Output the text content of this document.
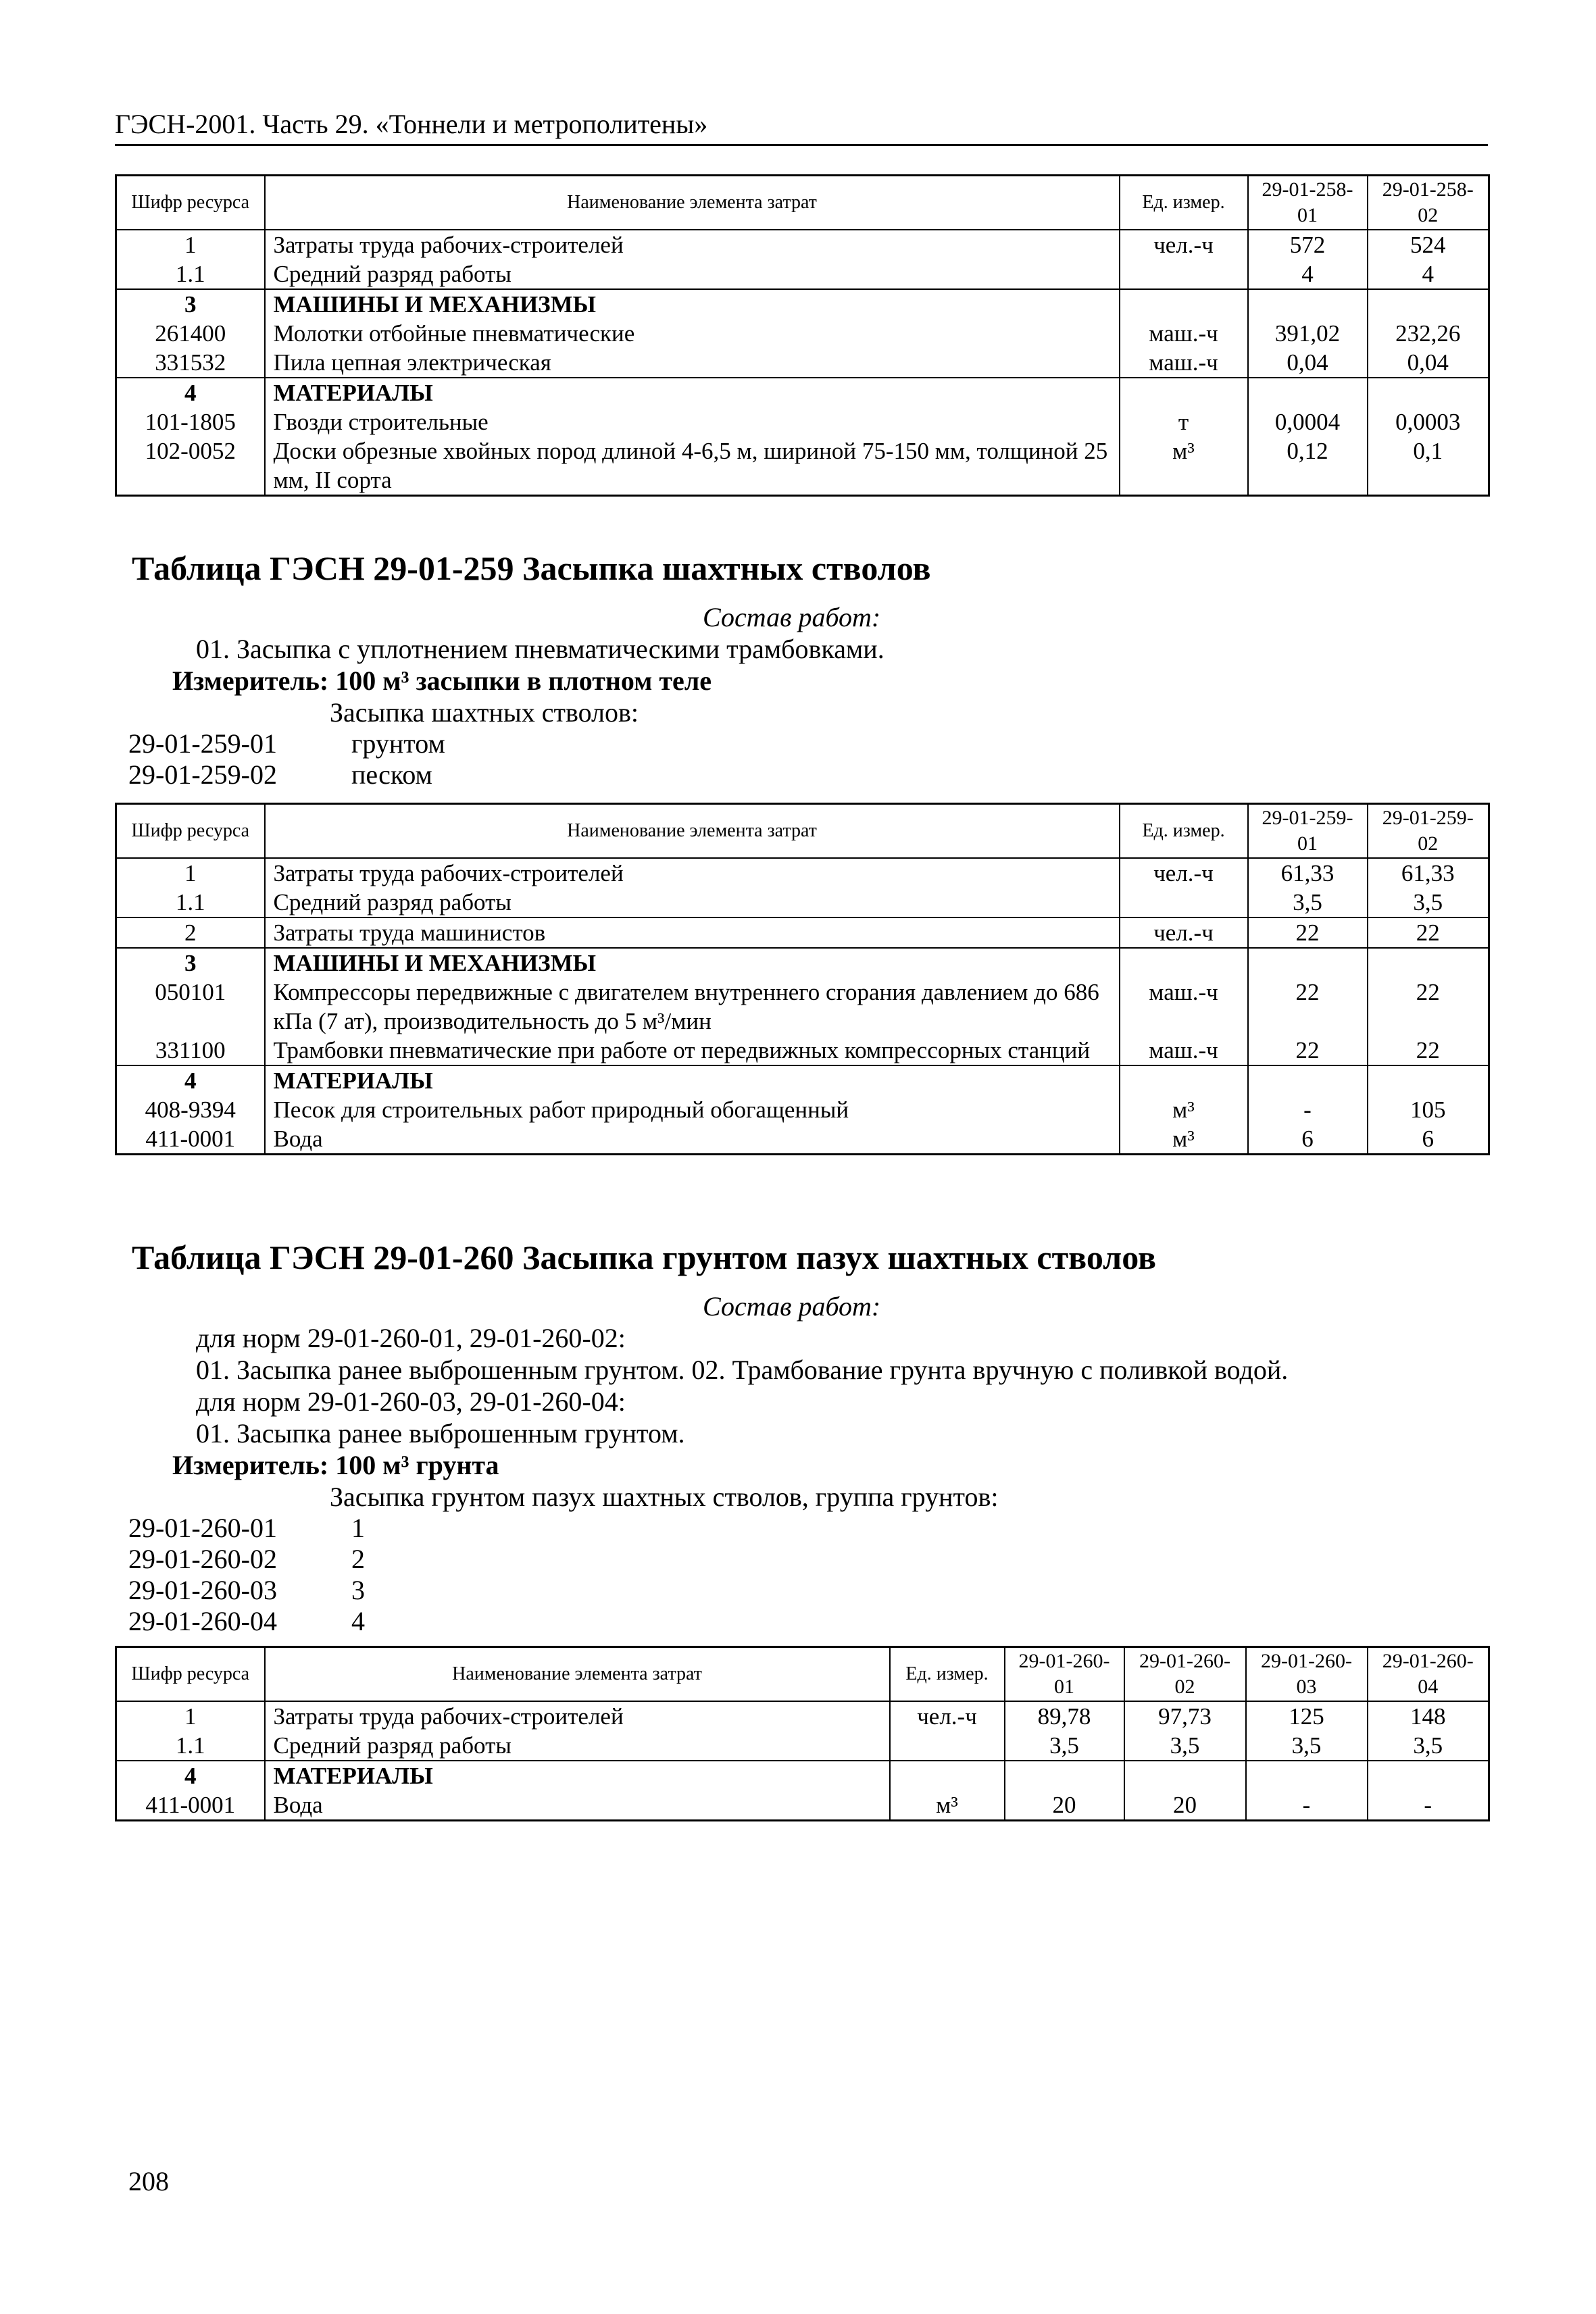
ГЭСН-2001. Часть 29. «Тоннели и метрополитены»
Шифр ресурса	Наименование элемента затрат	Ед. измер.	29-01-258-01	29-01-258-02
1	Затраты труда рабочих-строителей	чел.-ч	572	524
1.1	Средний разряд работы		4	4
3	МАШИНЫ И МЕХАНИЗМЫ			
261400	Молотки отбойные пневматические	маш.-ч	391,02	232,26
331532	Пила цепная электрическая	маш.-ч	0,04	0,04
4	МАТЕРИАЛЫ			
101-1805	Гвозди строительные	т	0,0004	0,0003
102-0052	Доски обрезные хвойных пород длиной 4-6,5 м, шириной 75-150 мм, толщиной 25 мм, II сорта	м³	0,12	0,1
Таблица ГЭСН 29-01-259 Засыпка шахтных стволов
Состав работ:
01. Засыпка с уплотнением пневматическими трамбовками.
Измеритель: 100 м³ засыпки в плотном теле
Засыпка шахтных стволов:
29-01-259-01	грунтом
29-01-259-02	песком
Шифр ресурса	Наименование элемента затрат	Ед. измер.	29-01-259-01	29-01-259-02
1	Затраты труда рабочих-строителей	чел.-ч	61,33	61,33
1.1	Средний разряд работы		3,5	3,5
2	Затраты труда машинистов	чел.-ч	22	22
3	МАШИНЫ И МЕХАНИЗМЫ			
050101	Компрессоры передвижные с двигателем внутреннего сгорания давлением до 686 кПа (7 ат), производительность до 5 м³/мин	маш.-ч	22	22
331100	Трамбовки пневматические при работе от передвижных компрессорных станций	маш.-ч	22	22
4	МАТЕРИАЛЫ			
408-9394	Песок для строительных работ природный обогащенный	м³	-	105
411-0001	Вода	м³	6	6
Таблица ГЭСН 29-01-260 Засыпка грунтом пазух шахтных стволов
Состав работ:
для норм 29-01-260-01, 29-01-260-02:
01. Засыпка ранее выброшенным грунтом. 02. Трамбование грунта вручную с поливкой водой.
для норм 29-01-260-03, 29-01-260-04:
01. Засыпка ранее выброшенным грунтом.
Измеритель: 100 м³ грунта
Засыпка грунтом пазух шахтных стволов, группа грунтов:
29-01-260-01	1
29-01-260-02	2
29-01-260-03	3
29-01-260-04	4
Шифр ресурса	Наименование элемента затрат	Ед. измер.	29-01-260-01	29-01-260-02	29-01-260-03	29-01-260-04
1	Затраты труда рабочих-строителей	чел.-ч	89,78	97,73	125	148
1.1	Средний разряд работы		3,5	3,5	3,5	3,5
4	МАТЕРИАЛЫ					
411-0001	Вода	м³	20	20	-	-
208
